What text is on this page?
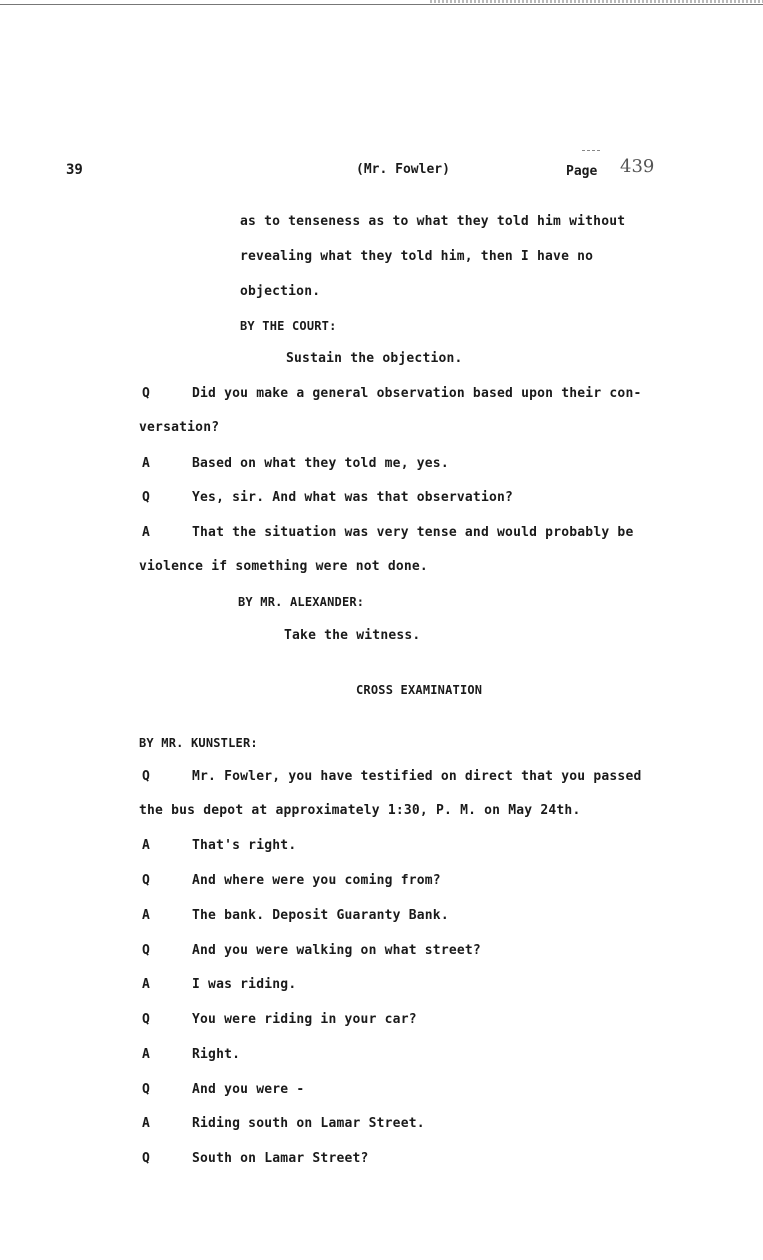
39	(Mr. Fowler)	Page 439
as to tenseness as to what they told him without
revealing what they told him, then I have no
objection.
BY THE COURT:
Sustain the objection.
Q	Did you make a general observation based upon their con-
versation?
A	Based on what they told me, yes.
Q	Yes, sir. And what was that observation?
A	That the situation was very tense and would probably be
violence if something were not done.
BY MR. ALEXANDER:
Take the witness.
CROSS EXAMINATION
BY MR. KUNSTLER:
Q	Mr. Fowler, you have testified on direct that you passed
the bus depot at approximately 1:30, P. M. on May 24th.
A	That's right.
Q	And where were you coming from?
A	The bank. Deposit Guaranty Bank.
Q	And you were walking on what street?
A	I was riding.
Q	You were riding in your car?
A	Right.
Q	And you were -
A	Riding south on Lamar Street.
Q	South on Lamar Street?
